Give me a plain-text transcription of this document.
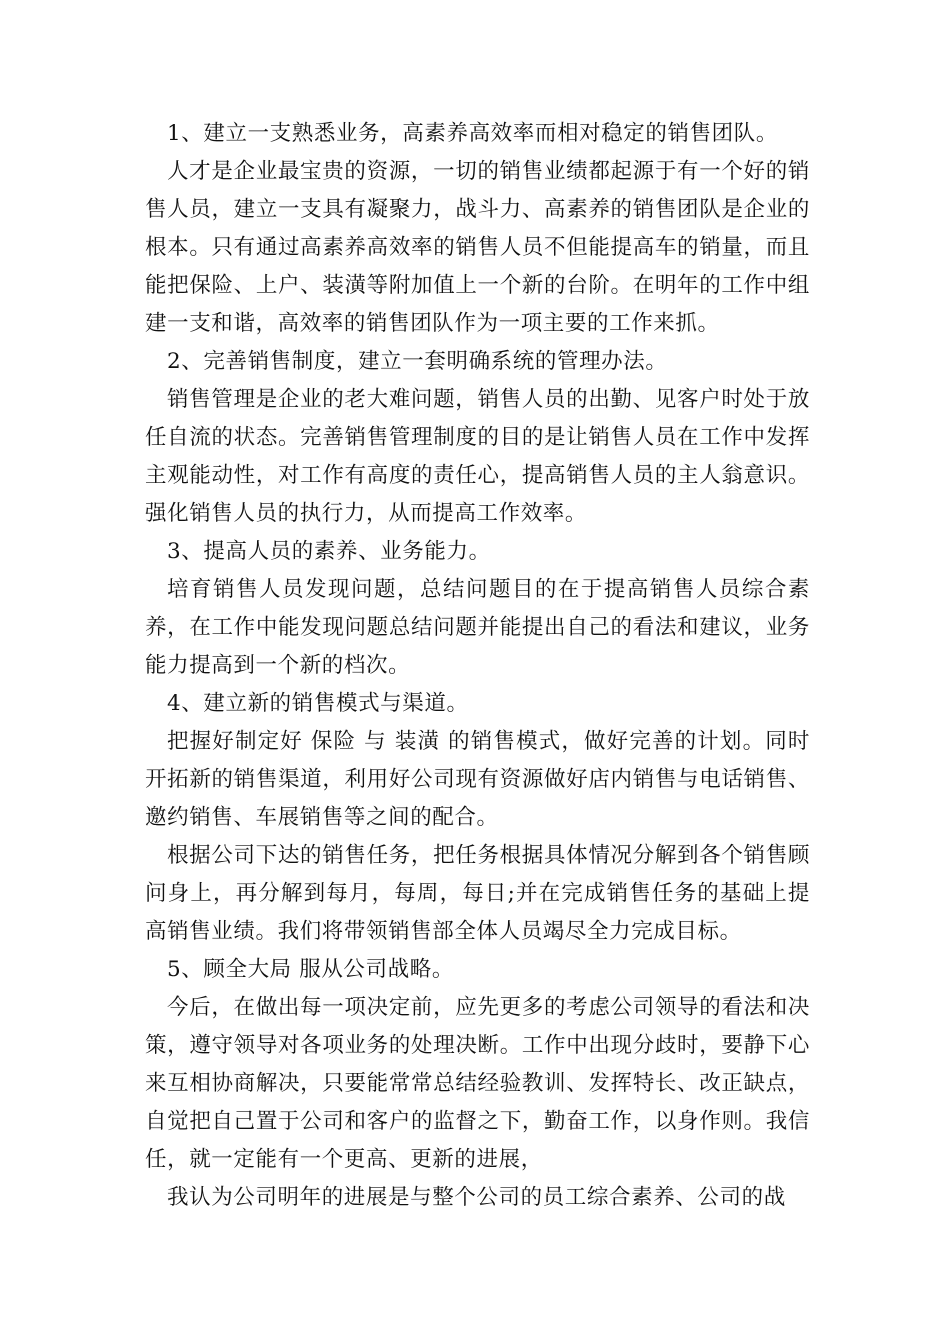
1、建立一支熟悉业务，高素养高效率而相对稳定的销售团队。

人才是企业最宝贵的资源，一切的销售业绩都起源于有一个好的销售人员，建立一支具有凝聚力，战斗力、高素养的销售团队是企业的根本。只有通过高素养高效率的销售人员不但能提高车的销量，而且能把保险、上户、装潢等附加值上一个新的台阶。在明年的工作中组建一支和谐，高效率的销售团队作为一项主要的工作来抓。

2、完善销售制度，建立一套明确系统的管理办法。

销售管理是企业的老大难问题，销售人员的出勤、见客户时处于放任自流的状态。完善销售管理制度的目的是让销售人员在工作中发挥主观能动性，对工作有高度的责任心，提高销售人员的主人翁意识。强化销售人员的执行力，从而提高工作效率。

3、提高人员的素养、业务能力。

培育销售人员发现问题，总结问题目的在于提高销售人员综合素养，在工作中能发现问题总结问题并能提出自己的看法和建议，业务能力提高到一个新的档次。

4、建立新的销售模式与渠道。

把握好制定好 保险 与 装潢 的销售模式，做好完善的计划。同时开拓新的销售渠道，利用好公司现有资源做好店内销售与电话销售、邀约销售、车展销售等之间的配合。

根据公司下达的销售任务，把任务根据具体情况分解到各个销售顾问身上，再分解到每月，每周，每日;并在完成销售任务的基础上提高销售业绩。我们将带领销售部全体人员竭尽全力完成目标。

5、顾全大局 服从公司战略。

今后，在做出每一项决定前，应先更多的考虑公司领导的看法和决策，遵守领导对各项业务的处理决断。工作中出现分歧时，要静下心来互相协商解决，只要能常常总结经验教训、发挥特长、改正缺点，自觉把自己置于公司和客户的监督之下，勤奋工作，以身作则。我信任，就一定能有一个更高、更新的进展，

我认为公司明年的进展是与整个公司的员工综合素养、公司的战
